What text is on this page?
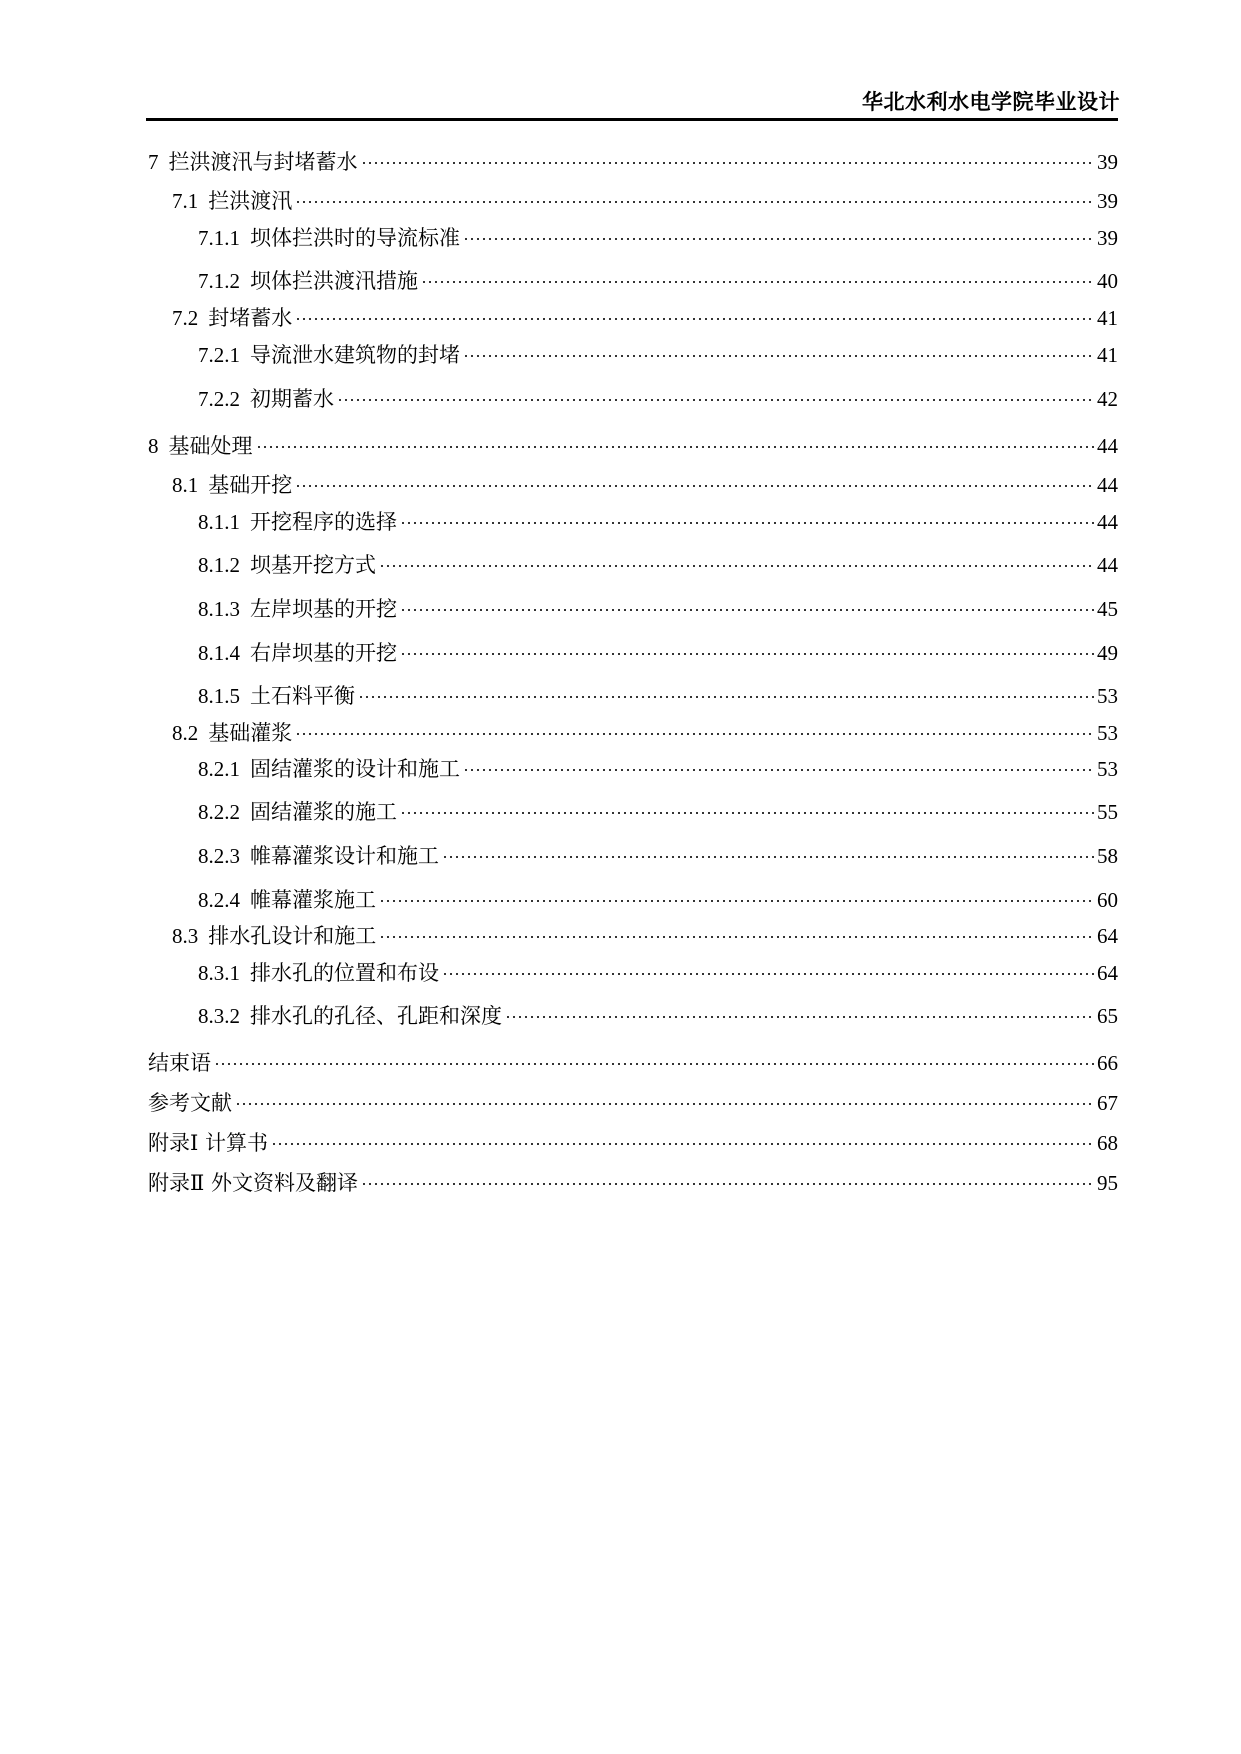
华北水利水电学院毕业设计
7 拦洪渡汛与封堵蓄水	39
7.1 拦洪渡汛	39
7.1.1 坝体拦洪时的导流标准	39
7.1.2 坝体拦洪渡汛措施	40
7.2 封堵蓄水	41
7.2.1 导流泄水建筑物的封堵	41
7.2.2 初期蓄水	42
8 基础处理	44
8.1 基础开挖	44
8.1.1 开挖程序的选择	44
8.1.2 坝基开挖方式	44
8.1.3 左岸坝基的开挖	45
8.1.4 右岸坝基的开挖	49
8.1.5 土石料平衡	53
8.2 基础灌浆	53
8.2.1 固结灌浆的设计和施工	53
8.2.2 固结灌浆的施工	55
8.2.3 帷幕灌浆设计和施工	58
8.2.4 帷幕灌浆施工	60
8.3 排水孔设计和施工	64
8.3.1 排水孔的位置和布设	64
8.3.2 排水孔的孔径、孔距和深度	65
结束语	66
参考文献	67
附录Ⅰ 计算书	68
附录Ⅱ 外文资料及翻译	95
